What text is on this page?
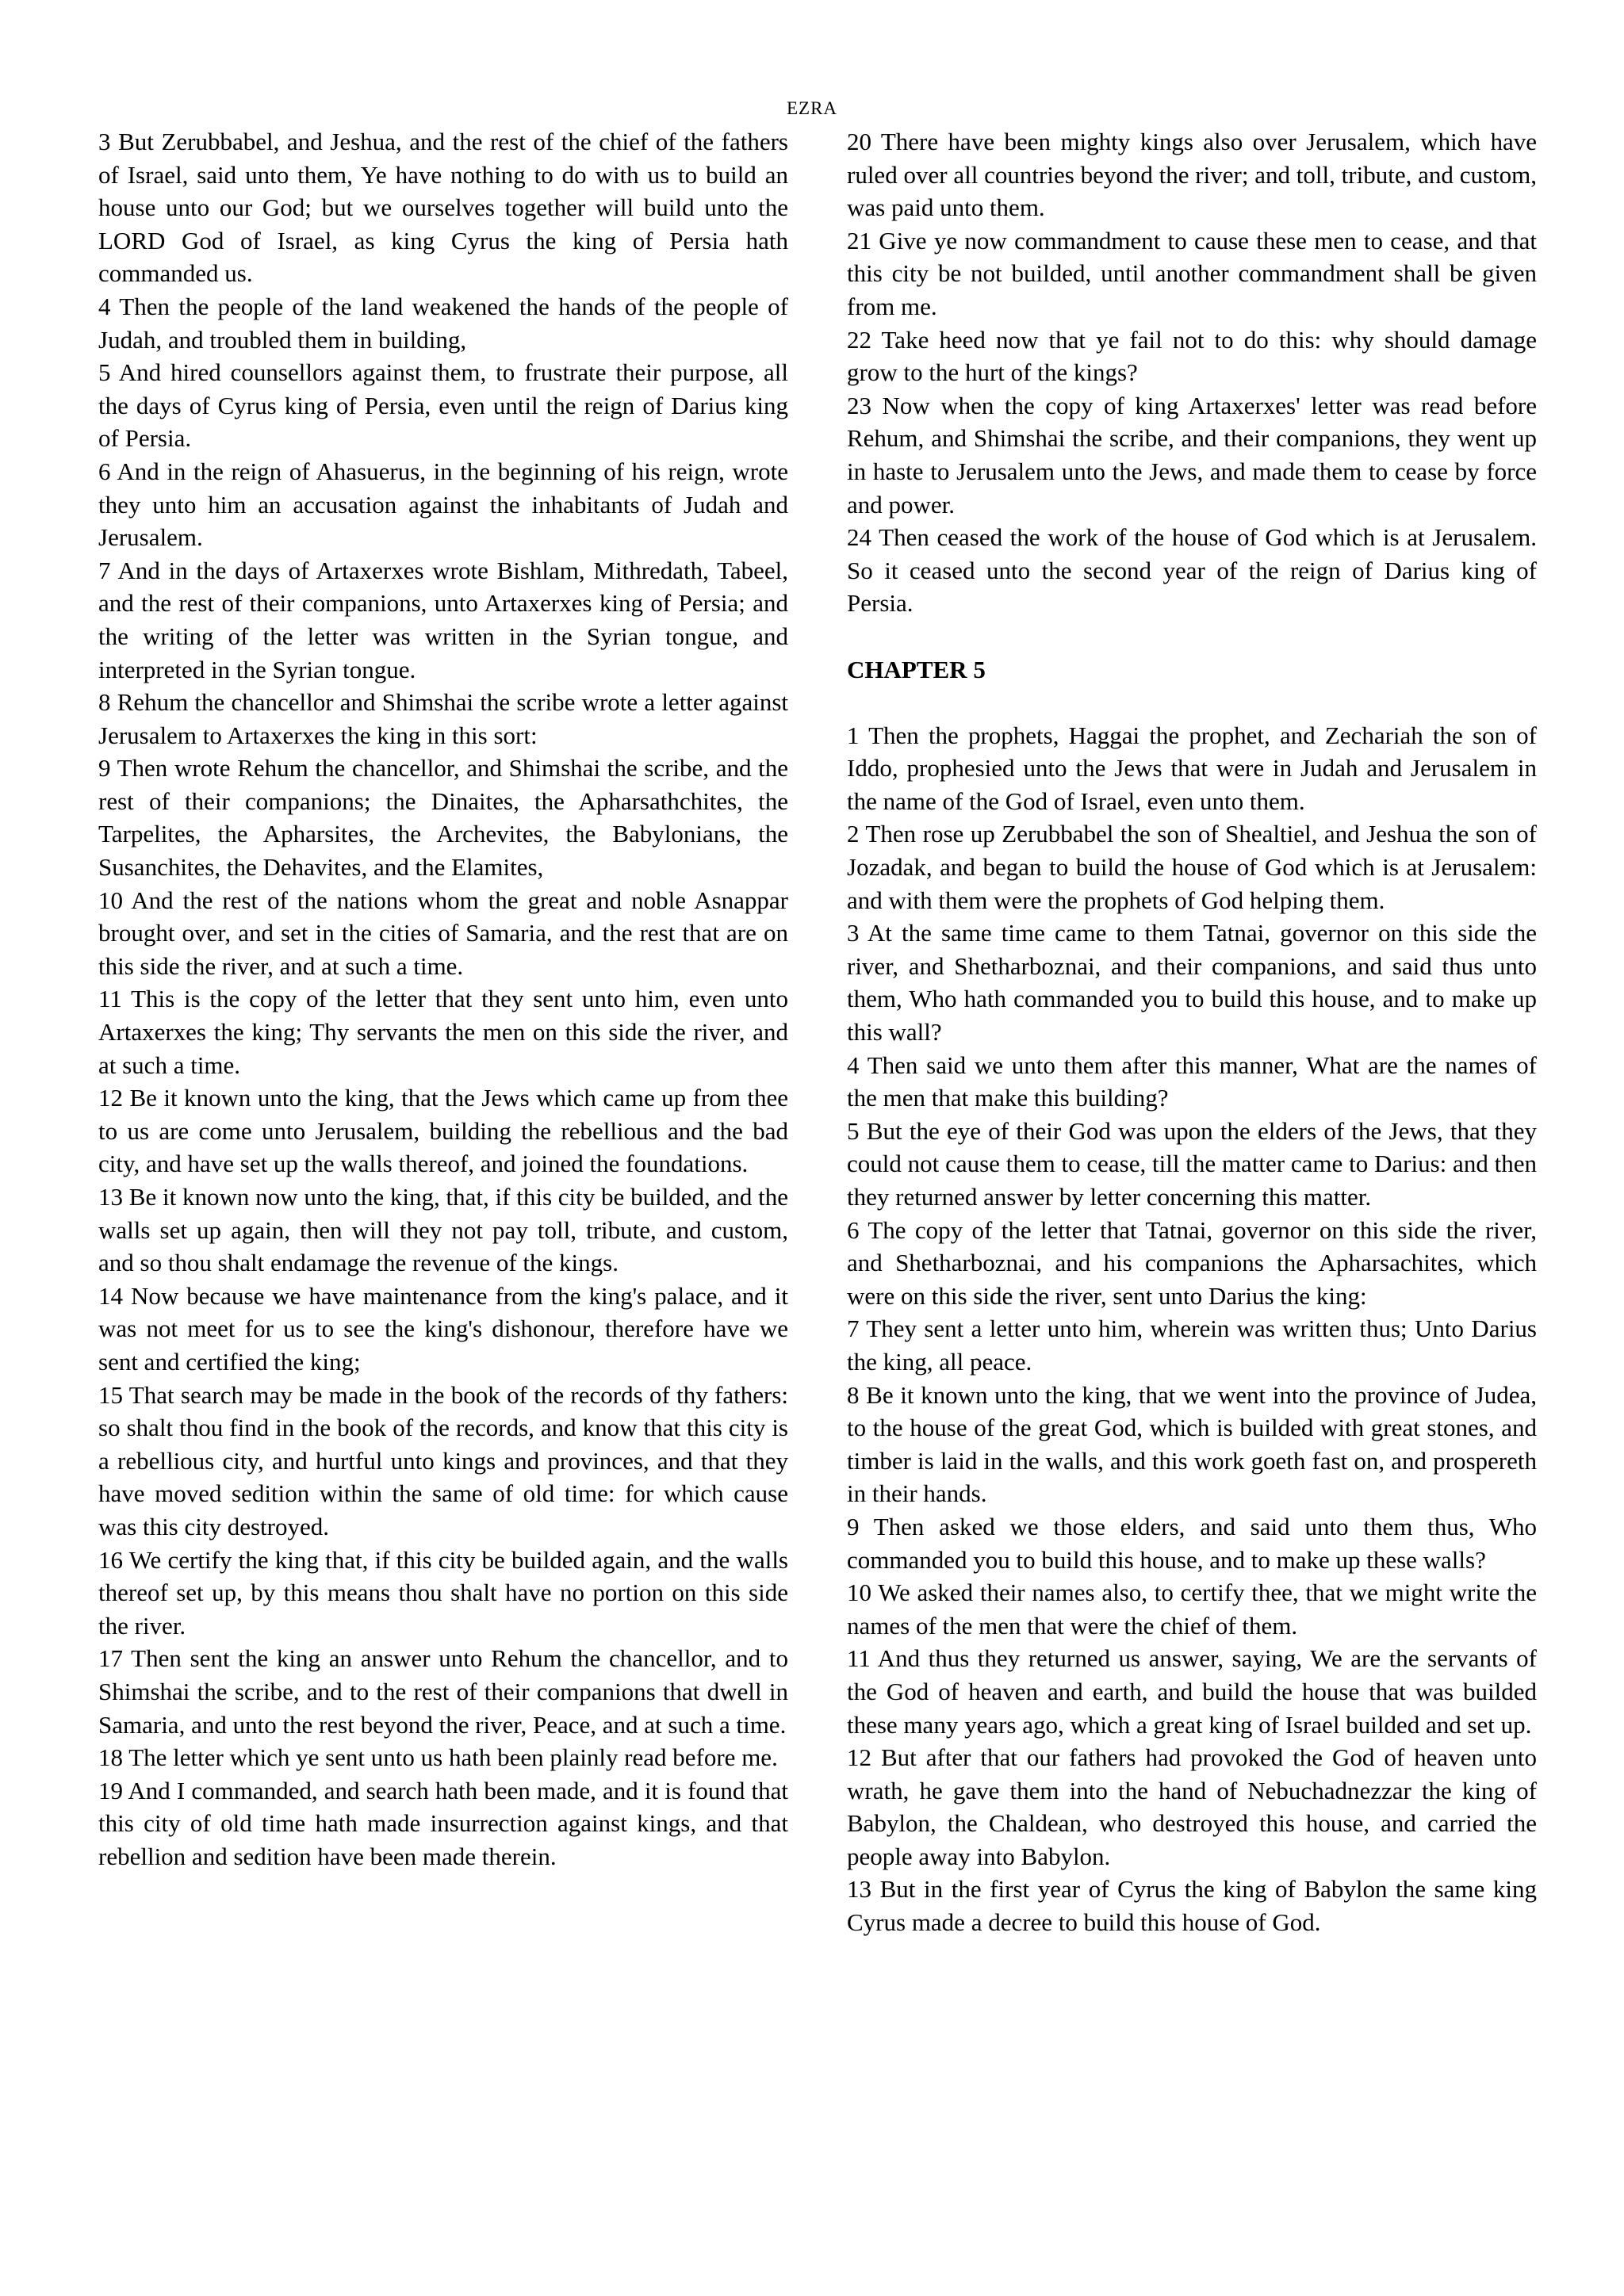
EZRA

3 But Zerubbabel, and Jeshua, and the rest of the chief of the fathers of Israel, said unto them, Ye have nothing to do with us to build an house unto our God; but we ourselves together will build unto the LORD God of Israel, as king Cyrus the king of Persia hath commanded us.

4 Then the people of the land weakened the hands of the people of Judah, and troubled them in building,

5 And hired counsellors against them, to frustrate their purpose, all the days of Cyrus king of Persia, even until the reign of Darius king of Persia.

6 And in the reign of Ahasuerus, in the beginning of his reign, wrote they unto him an accusation against the inhabitants of Judah and Jerusalem.

7 And in the days of Artaxerxes wrote Bishlam, Mithredath, Tabeel, and the rest of their companions, unto Artaxerxes king of Persia; and the writing of the letter was written in the Syrian tongue, and interpreted in the Syrian tongue.

8 Rehum the chancellor and Shimshai the scribe wrote a letter against Jerusalem to Artaxerxes the king in this sort:

9 Then wrote Rehum the chancellor, and Shimshai the scribe, and the rest of their companions; the Dinaites, the Apharsathchites, the Tarpelites, the Apharsites, the Archevites, the Babylonians, the Susanchites, the Dehavites, and the Elamites,

10 And the rest of the nations whom the great and noble Asnappar brought over, and set in the cities of Samaria, and the rest that are on this side the river, and at such a time.

11 This is the copy of the letter that they sent unto him, even unto Artaxerxes the king; Thy servants the men on this side the river, and at such a time.

12 Be it known unto the king, that the Jews which came up from thee to us are come unto Jerusalem, building the rebellious and the bad city, and have set up the walls thereof, and joined the foundations.

13 Be it known now unto the king, that, if this city be builded, and the walls set up again, then will they not pay toll, tribute, and custom, and so thou shalt endamage the revenue of the kings.

14 Now because we have maintenance from the king's palace, and it was not meet for us to see the king's dishonour, therefore have we sent and certified the king;

15 That search may be made in the book of the records of thy fathers: so shalt thou find in the book of the records, and know that this city is a rebellious city, and hurtful unto kings and provinces, and that they have moved sedition within the same of old time: for which cause was this city destroyed.

16 We certify the king that, if this city be builded again, and the walls thereof set up, by this means thou shalt have no portion on this side the river.

17 Then sent the king an answer unto Rehum the chancellor, and to Shimshai the scribe, and to the rest of their companions that dwell in Samaria, and unto the rest beyond the river, Peace, and at such a time.

18 The letter which ye sent unto us hath been plainly read before me.

19 And I commanded, and search hath been made, and it is found that this city of old time hath made insurrection against kings, and that rebellion and sedition have been made therein.

20 There have been mighty kings also over Jerusalem, which have ruled over all countries beyond the river; and toll, tribute, and custom, was paid unto them.

21 Give ye now commandment to cause these men to cease, and that this city be not builded, until another commandment shall be given from me.

22 Take heed now that ye fail not to do this: why should damage grow to the hurt of the kings?

23 Now when the copy of king Artaxerxes' letter was read before Rehum, and Shimshai the scribe, and their companions, they went up in haste to Jerusalem unto the Jews, and made them to cease by force and power.

24 Then ceased the work of the house of God which is at Jerusalem. So it ceased unto the second year of the reign of Darius king of Persia.

CHAPTER 5

1 Then the prophets, Haggai the prophet, and Zechariah the son of Iddo, prophesied unto the Jews that were in Judah and Jerusalem in the name of the God of Israel, even unto them.

2 Then rose up Zerubbabel the son of Shealtiel, and Jeshua the son of Jozadak, and began to build the house of God which is at Jerusalem: and with them were the prophets of God helping them.

3 At the same time came to them Tatnai, governor on this side the river, and Shetharboznai, and their companions, and said thus unto them, Who hath commanded you to build this house, and to make up this wall?

4 Then said we unto them after this manner, What are the names of the men that make this building?

5 But the eye of their God was upon the elders of the Jews, that they could not cause them to cease, till the matter came to Darius: and then they returned answer by letter concerning this matter.

6 The copy of the letter that Tatnai, governor on this side the river, and Shetharboznai, and his companions the Apharsachites, which were on this side the river, sent unto Darius the king:

7 They sent a letter unto him, wherein was written thus; Unto Darius the king, all peace.

8 Be it known unto the king, that we went into the province of Judea, to the house of the great God, which is builded with great stones, and timber is laid in the walls, and this work goeth fast on, and prospereth in their hands.

9 Then asked we those elders, and said unto them thus, Who commanded you to build this house, and to make up these walls?

10 We asked their names also, to certify thee, that we might write the names of the men that were the chief of them.

11 And thus they returned us answer, saying, We are the servants of the God of heaven and earth, and build the house that was builded these many years ago, which a great king of Israel builded and set up.

12 But after that our fathers had provoked the God of heaven unto wrath, he gave them into the hand of Nebuchadnezzar the king of Babylon, the Chaldean, who destroyed this house, and carried the people away into Babylon.

13 But in the first year of Cyrus the king of Babylon the same king Cyrus made a decree to build this house of God.
